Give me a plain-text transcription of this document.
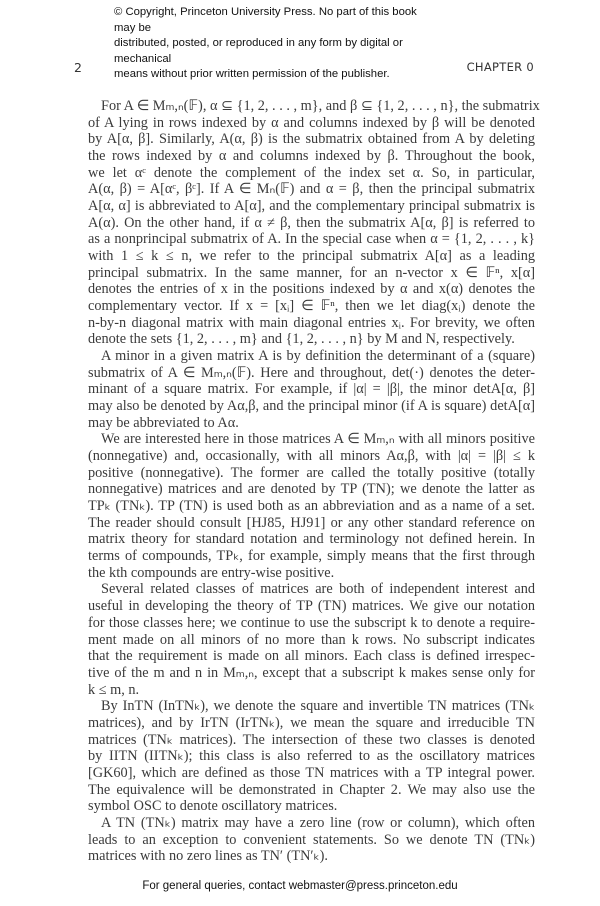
© Copyright, Princeton University Press. No part of this book may be
distributed, posted, or reproduced in any form by digital or mechanical
means without prior written permission of the publisher.
2	CHAPTER 0
For A ∈ Mₘ,ₙ(𝔽), α ⊆ {1, 2, . . . , m}, and β ⊆ {1, 2, . . . , n}, the submatrix
of A lying in rows indexed by α and columns indexed by β will be denoted
by A[α, β]. Similarly, A(α, β) is the submatrix obtained from A by deleting
the rows indexed by α and columns indexed by β. Throughout the book,
we let αᶜ denote the complement of the index set α. So, in particular,
A(α, β) = A[αᶜ, βᶜ]. If A ∈ Mₙ(𝔽) and α = β, then the principal submatrix
A[α, α] is abbreviated to A[α], and the complementary principal submatrix is
A(α). On the other hand, if α ≠ β, then the submatrix A[α, β] is referred to
as a nonprincipal submatrix of A. In the special case when α = {1, 2, . . . , k}
with 1 ≤ k ≤ n, we refer to the principal submatrix A[α] as a leading
principal submatrix. In the same manner, for an n-vector x ∈ 𝔽ⁿ, x[α]
denotes the entries of x in the positions indexed by α and x(α) denotes the
complementary vector. If x = [xᵢ] ∈ 𝔽ⁿ, then we let diag(xᵢ) denote the
n-by-n diagonal matrix with main diagonal entries xᵢ. For brevity, we often
denote the sets {1, 2, . . . , m} and {1, 2, . . . , n} by M and N, respectively.
A minor in a given matrix A is by definition the determinant of a (square)
submatrix of A ∈ Mₘ,ₙ(𝔽). Here and throughout, det(·) denotes the deter-
minant of a square matrix. For example, if |α| = |β|, the minor detA[α, β]
may also be denoted by Aα,β, and the principal minor (if A is square) detA[α]
may be abbreviated to Aα.
We are interested here in those matrices A ∈ Mₘ,ₙ with all minors positive
(nonnegative) and, occasionally, with all minors Aα,β, with |α| = |β| ≤ k
positive (nonnegative). The former are called the totally positive (totally
nonnegative) matrices and are denoted by TP (TN); we denote the latter as
TPₖ (TNₖ). TP (TN) is used both as an abbreviation and as a name of a set.
The reader should consult [HJ85, HJ91] or any other standard reference on
matrix theory for standard notation and terminology not defined herein. In
terms of compounds, TPₖ, for example, simply means that the first through
the kth compounds are entry-wise positive.
Several related classes of matrices are both of independent interest and
useful in developing the theory of TP (TN) matrices. We give our notation
for those classes here; we continue to use the subscript k to denote a require-
ment made on all minors of no more than k rows. No subscript indicates
that the requirement is made on all minors. Each class is defined irrespec-
tive of the m and n in Mₘ,ₙ, except that a subscript k makes sense only for
k ≤ m, n.
By InTN (InTNₖ), we denote the square and invertible TN matrices (TNₖ
matrices), and by IrTN (IrTNₖ), we mean the square and irreducible TN
matrices (TNₖ matrices). The intersection of these two classes is denoted
by IITN (IITNₖ); this class is also referred to as the oscillatory matrices
[GK60], which are defined as those TN matrices with a TP integral power.
The equivalence will be demonstrated in Chapter 2. We may also use the
symbol OSC to denote oscillatory matrices.
A TN (TNₖ) matrix may have a zero line (row or column), which often
leads to an exception to convenient statements. So we denote TN (TNₖ)
matrices with no zero lines as TN′ (TN′ₖ).
For general queries, contact webmaster@press.princeton.edu
